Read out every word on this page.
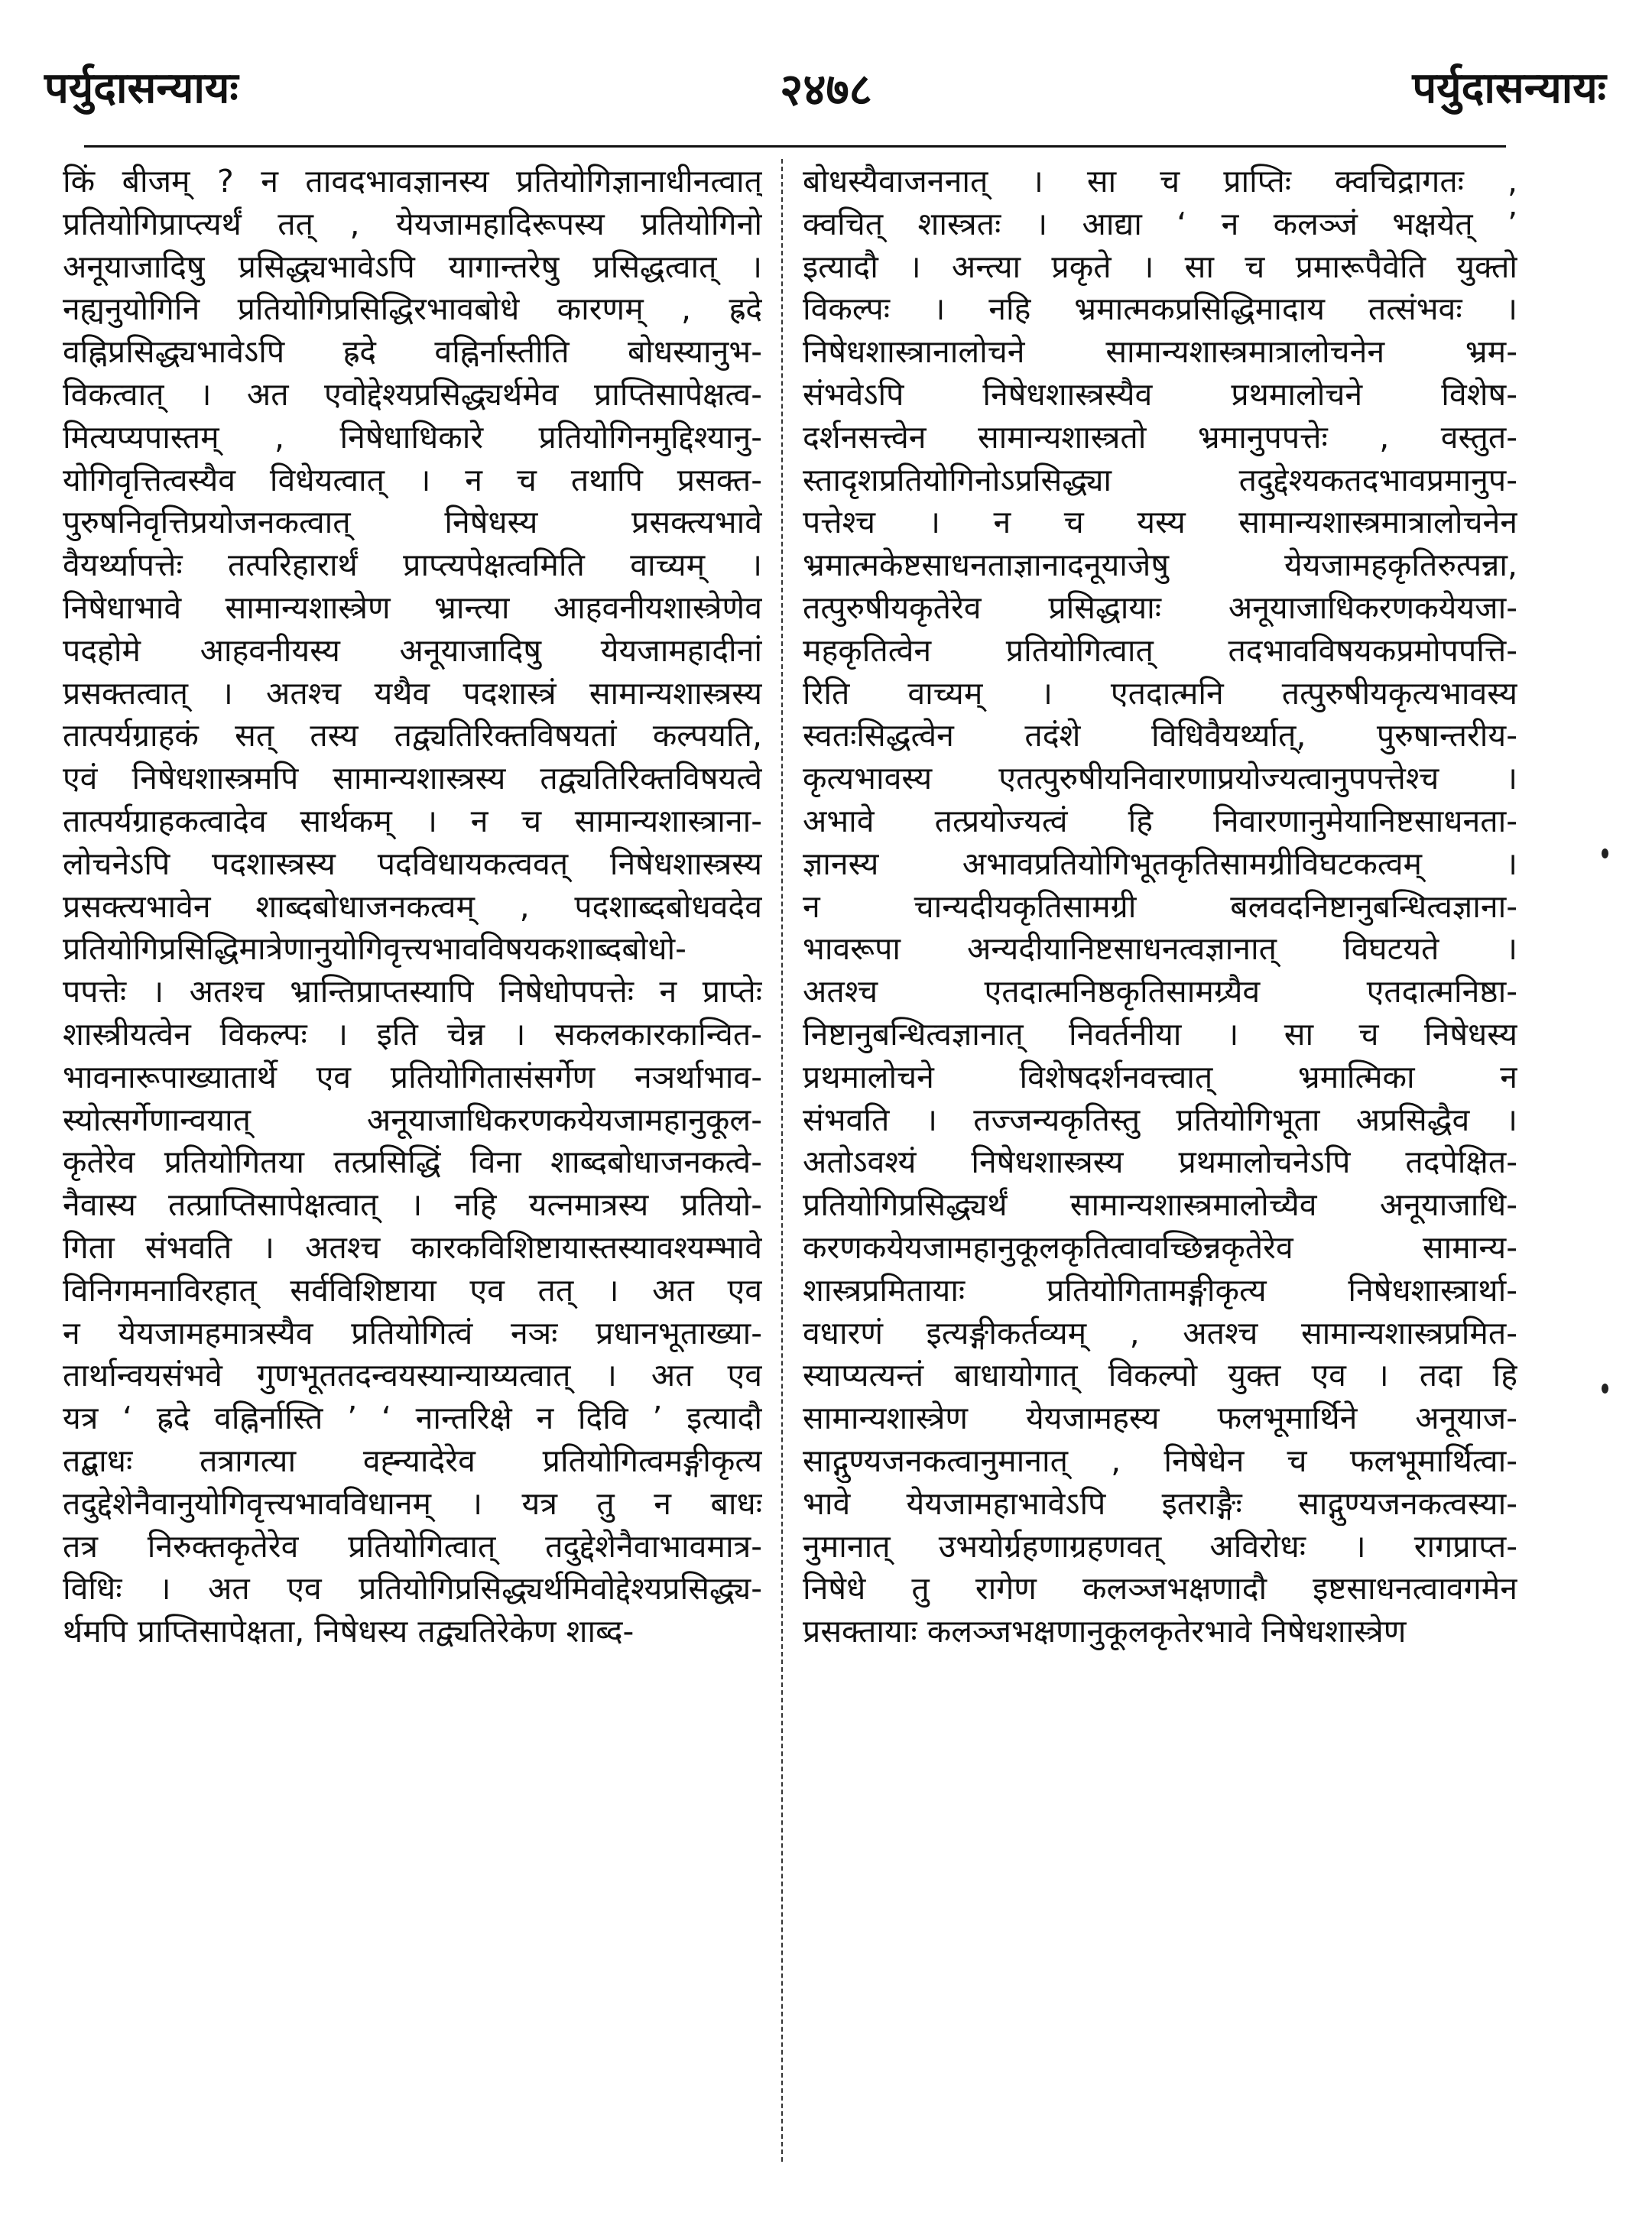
पर्युदासन्यायः	२४७८	पर्युदासन्यायः
किं बीजम् ? न तावदभावज्ञानस्य प्रतियोगिज्ञानाधीनत्वात्
प्रतियोगिप्राप्त्यर्थं तत् , येयजामहादिरूपस्य प्रतियोगिनो
अनूयाजादिषु प्रसिद्ध्यभावेऽपि यागान्तरेषु प्रसिद्धत्वात् ।
नह्यनुयोगिनि प्रतियोगिप्रसिद्धिरभावबोधे कारणम् , ह्रदे
वह्निप्रसिद्ध्यभावेऽपि ह्रदे वह्निर्नास्तीति बोधस्यानुभ-
विकत्वात् । अत एवोद्देश्यप्रसिद्ध्यर्थमेव प्राप्तिसापेक्षत्व-
मित्यप्यपास्तम् , निषेधाधिकारे प्रतियोगिनमुद्दिश्यानु-
योगिवृत्तित्वस्यैव विधेयत्वात् । न च तथापि प्रसक्त-
पुरुषनिवृत्तिप्रयोजनकत्वात् निषेधस्य प्रसक्त्यभावे
वैयर्थ्यापत्तेः तत्परिहारार्थं प्राप्त्यपेक्षत्वमिति वाच्यम् ।
निषेधाभावे सामान्यशास्त्रेण भ्रान्त्या आहवनीयशास्त्रेणेव
पदहोमे आहवनीयस्य अनूयाजादिषु येयजामहादीनां
प्रसक्तत्वात् । अतश्च यथैव पदशास्त्रं सामान्यशास्त्रस्य
तात्पर्यग्राहकं सत् तस्य तद्व्यतिरिक्तविषयतां कल्पयति,
एवं निषेधशास्त्रमपि सामान्यशास्त्रस्य तद्व्यतिरिक्तविषयत्वे
तात्पर्यग्राहकत्वादेव सार्थकम् । न च सामान्यशास्त्राना-
लोचनेऽपि पदशास्त्रस्य पदविधायकत्ववत् निषेधशास्त्रस्य
प्रसक्त्यभावेन शाब्दबोधाजनकत्वम् , पदशाब्दबोधवदेव
प्रतियोगिप्रसिद्धिमात्रेणानुयोगिवृत्त्यभावविषयकशाब्दबोधो-
पपत्तेः । अतश्च भ्रान्तिप्राप्तस्यापि निषेधोपपत्तेः न प्राप्तेः
शास्त्रीयत्वेन विकल्पः । इति चेन्न । सकलकारकान्वित-
भावनारूपाख्यातार्थे एव प्रतियोगितासंसर्गेण नञर्थाभाव-
स्योत्सर्गेणान्वयात् अनूयाजाधिकरणकयेयजामहानुकूल-
कृतेरेव प्रतियोगितया तत्प्रसिद्धिं विना शाब्दबोधाजनकत्वे-
नैवास्य तत्प्राप्तिसापेक्षत्वात् । नहि यत्नमात्रस्य प्रतियो-
गिता संभवति । अतश्च कारकविशिष्टायास्तस्यावश्यम्भावे
विनिगमनाविरहात् सर्वविशिष्टाया एव तत् । अत एव
न येयजामहमात्रस्यैव प्रतियोगित्वं नञः प्रधानभूताख्या-
तार्थान्वयसंभवे गुणभूततदन्वयस्यान्याय्यत्वात् । अत एव
यत्र ‘ ह्रदे वह्निर्नास्ति ’ ‘ नान्तरिक्षे न दिवि ’ इत्यादौ
तद्बाधः तत्रागत्या वह्न्यादेरेव प्रतियोगित्वमङ्गीकृत्य
तदुद्देशेनैवानुयोगिवृत्त्यभावविधानम् । यत्र तु न बाधः
तत्र निरुक्तकृतेरेव प्रतियोगित्वात् तदुद्देशेनैवाभावमात्र-
विधिः । अत एव प्रतियोगिप्रसिद्ध्यर्थमिवोद्देश्यप्रसिद्ध्य-
र्थमपि प्राप्तिसापेक्षता, निषेधस्य तद्व्यतिरेकेण शाब्द-
बोधस्यैवाजननात् । सा च प्राप्तिः क्वचिद्रागतः ,
क्वचित् शास्त्रतः । आद्या ‘ न कलञ्जं भक्षयेत् ’
इत्यादौ । अन्त्या प्रकृते । सा च प्रमारूपैवेति युक्तो
विकल्पः । नहि भ्रमात्मकप्रसिद्धिमादाय तत्संभवः ।
निषेधशास्त्रानालोचने सामान्यशास्त्रमात्रालोचनेन भ्रम-
संभवेऽपि निषेधशास्त्रस्यैव प्रथमालोचने विशेष-
दर्शनसत्त्वेन सामान्यशास्त्रतो भ्रमानुपपत्तेः , वस्तुत-
स्तादृशप्रतियोगिनोऽप्रसिद्ध्या तदुद्देश्यकतदभावप्रमानुप-
पत्तेश्च । न च यस्य सामान्यशास्त्रमात्रालोचनेन
भ्रमात्मकेष्टसाधनताज्ञानादनूयाजेषु येयजामहकृतिरुत्पन्ना,
तत्पुरुषीयकृतेरेव प्रसिद्धायाः अनूयाजाधिकरणकयेयजा-
महकृतित्वेन प्रतियोगित्वात् तदभावविषयकप्रमोपपत्ति-
रिति वाच्यम् । एतदात्मनि तत्पुरुषीयकृत्यभावस्य
स्वतःसिद्धत्वेन तदंशे विधिवैयर्थ्यात्, पुरुषान्तरीय-
कृत्यभावस्य एतत्पुरुषीयनिवारणाप्रयोज्यत्वानुपपत्तेश्च ।
अभावे तत्प्रयोज्यत्वं हि निवारणानुमेयानिष्टसाधनता-
ज्ञानस्य अभावप्रतियोगिभूतकृतिसामग्रीविघटकत्वम् ।
न चान्यदीयकृतिसामग्री बलवदनिष्टानुबन्धित्वज्ञाना-
भावरूपा अन्यदीयानिष्टसाधनत्वज्ञानात् विघटयते ।
अतश्च एतदात्मनिष्ठकृतिसामग्र्यैव एतदात्मनिष्ठा-
निष्टानुबन्धित्वज्ञानात् निवर्तनीया । सा च निषेधस्य
प्रथमालोचने विशेषदर्शनवत्त्वात् भ्रमात्मिका न
संभवति । तज्जन्यकृतिस्तु प्रतियोगिभूता अप्रसिद्धैव ।
अतोऽवश्यं निषेधशास्त्रस्य प्रथमालोचनेऽपि तदपेक्षित-
प्रतियोगिप्रसिद्ध्यर्थं सामान्यशास्त्रमालोच्यैव अनूयाजाधि-
करणकयेयजामहानुकूलकृतित्वावच्छिन्नकृतेरेव सामान्य-
शास्त्रप्रमितायाः प्रतियोगितामङ्गीकृत्य निषेधशास्त्रार्था-
वधारणं इत्यङ्गीकर्तव्यम् , अतश्च सामान्यशास्त्रप्रमित-
स्याप्यत्यन्तं बाधायोगात् विकल्पो युक्त एव । तदा हि
सामान्यशास्त्रेण येयजामहस्य फलभूमार्थिने अनूयाज-
साद्गुण्यजनकत्वानुमानात् , निषेधेन च फलभूमार्थित्वा-
भावे येयजामहाभावेऽपि इतराङ्गैः साद्गुण्यजनकत्वस्या-
नुमानात् उभयोर्ग्रहणाग्रहणवत् अविरोधः । रागप्राप्त-
निषेधे तु रागेण कलञ्जभक्षणादौ इष्टसाधनत्वावगमेन
प्रसक्तायाः कलञ्जभक्षणानुकूलकृतेरभावे निषेधशास्त्रेण
